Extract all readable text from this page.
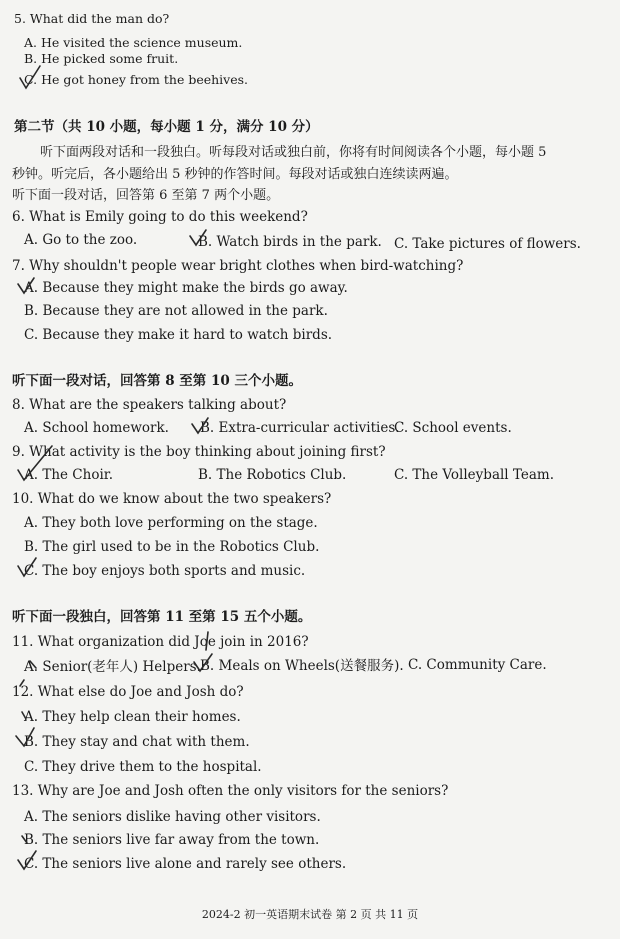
5. What did the man do?
A. He visited the science museum.
B. He picked some fruit.
C. He got honey from the beehives.
第二节（共 10 小题，每小题 1 分，满分 10 分）
听下面两段对话和一段独白。听每段对话或独白前，你将有时间阅读各个小题，每小题 5
秒钟。听完后，各小题给出 5 秒钟的作答时间。每段对话或独白连续读两遍。
听下面一段对话，回答第 6 至第 7 两个小题。
6. What is Emily going to do this weekend?
A. Go to the zoo.	B. Watch birds in the park. C. Take pictures of flowers.
7. Why shouldn't people wear bright clothes when bird-watching?
A. Because they might make the birds go away.
B. Because they are not allowed in the park.
C. Because they make it hard to watch birds.
听下面一段对话，回答第 8 至第 10 三个小题。
8. What are the speakers talking about?
A. School homework. B. Extra-curricular activities.
C. School events.
9. What activity is the boy thinking about joining first?
A. The Choir.	B. The Robotics Club.	C. The Volleyball Team.
10. What do we know about the two speakers?
A. They both love performing on the stage.
B. The girl used to be in the Robotics Club.
C. The boy enjoys both sports and music.
听下面一段独白，回答第 11 至第 15 五个小题。
11. What organization did Joe join in 2016?
A. Senior(老年人) Helpers. B. Meals on Wheels(送餐服务). C. Community Care.
12. What else do Joe and Josh do?
A. They help clean their homes.
B. They stay and chat with them.
C. They drive them to the hospital.
13. Why are Joe and Josh often the only visitors for the seniors?
A. The seniors dislike having other visitors.
B. The seniors live far away from the town.
C. The seniors live alone and rarely see others.
2024-2 初一英语期末试卷 第 2 页 共 11 页
